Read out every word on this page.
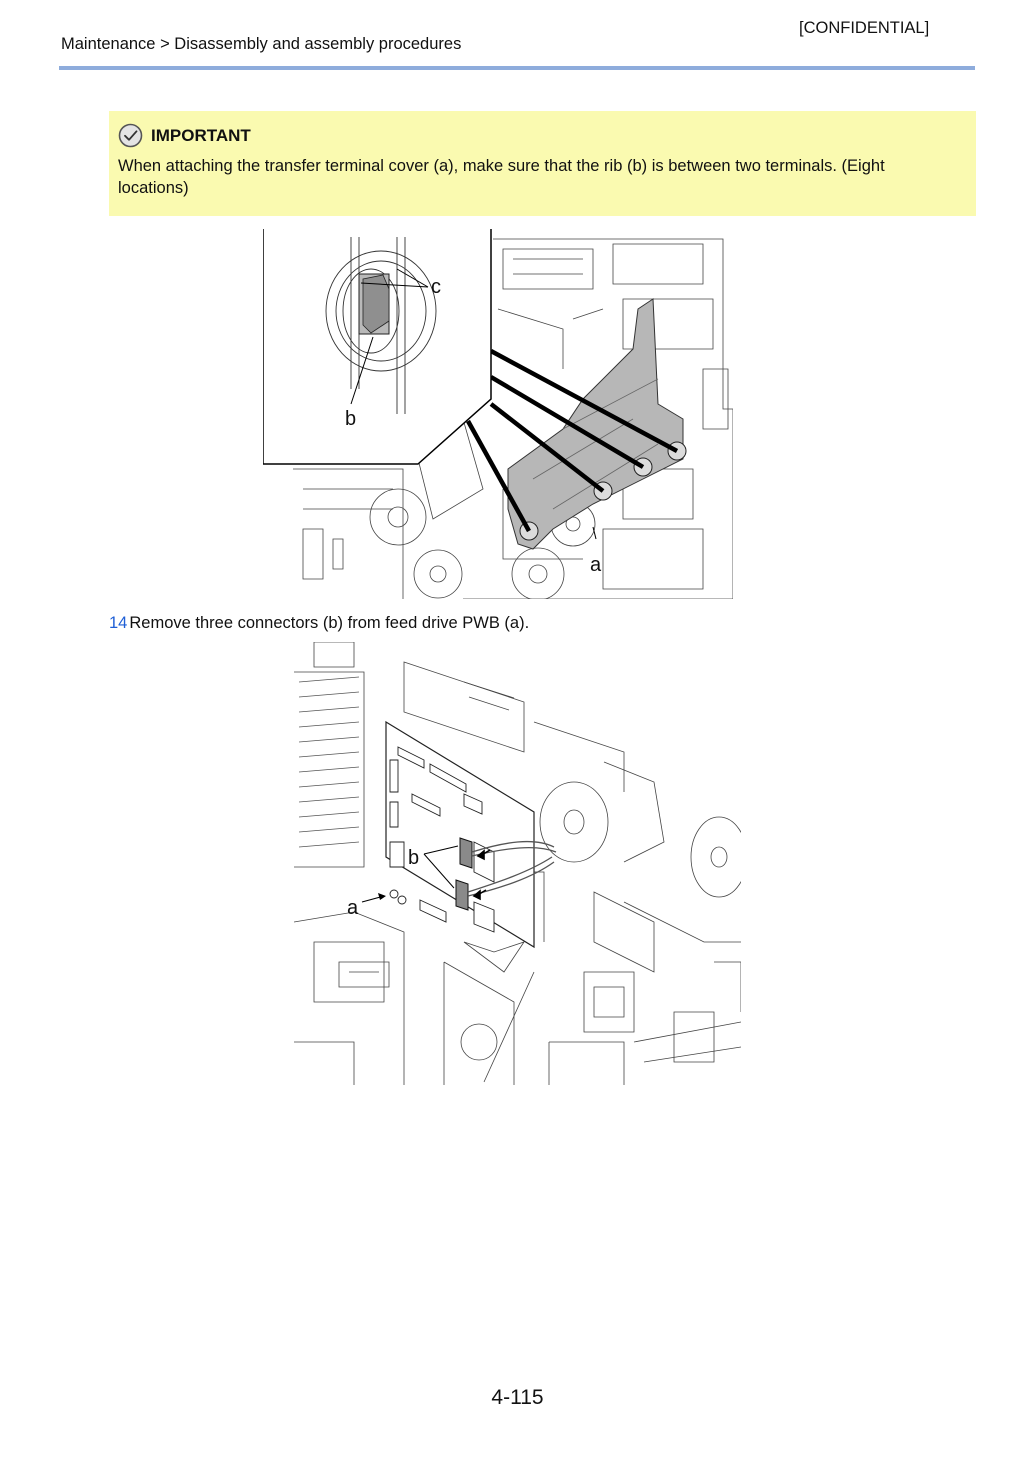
[CONFIDENTIAL]
Maintenance > Disassembly and assembly procedures
IMPORTANT
When attaching the transfer terminal cover (a), make sure that the rib (b) is between two terminals. (Eight locations)
c
b
a
14 Remove three connectors (b) from feed drive PWB (a).
b
a
4-115
